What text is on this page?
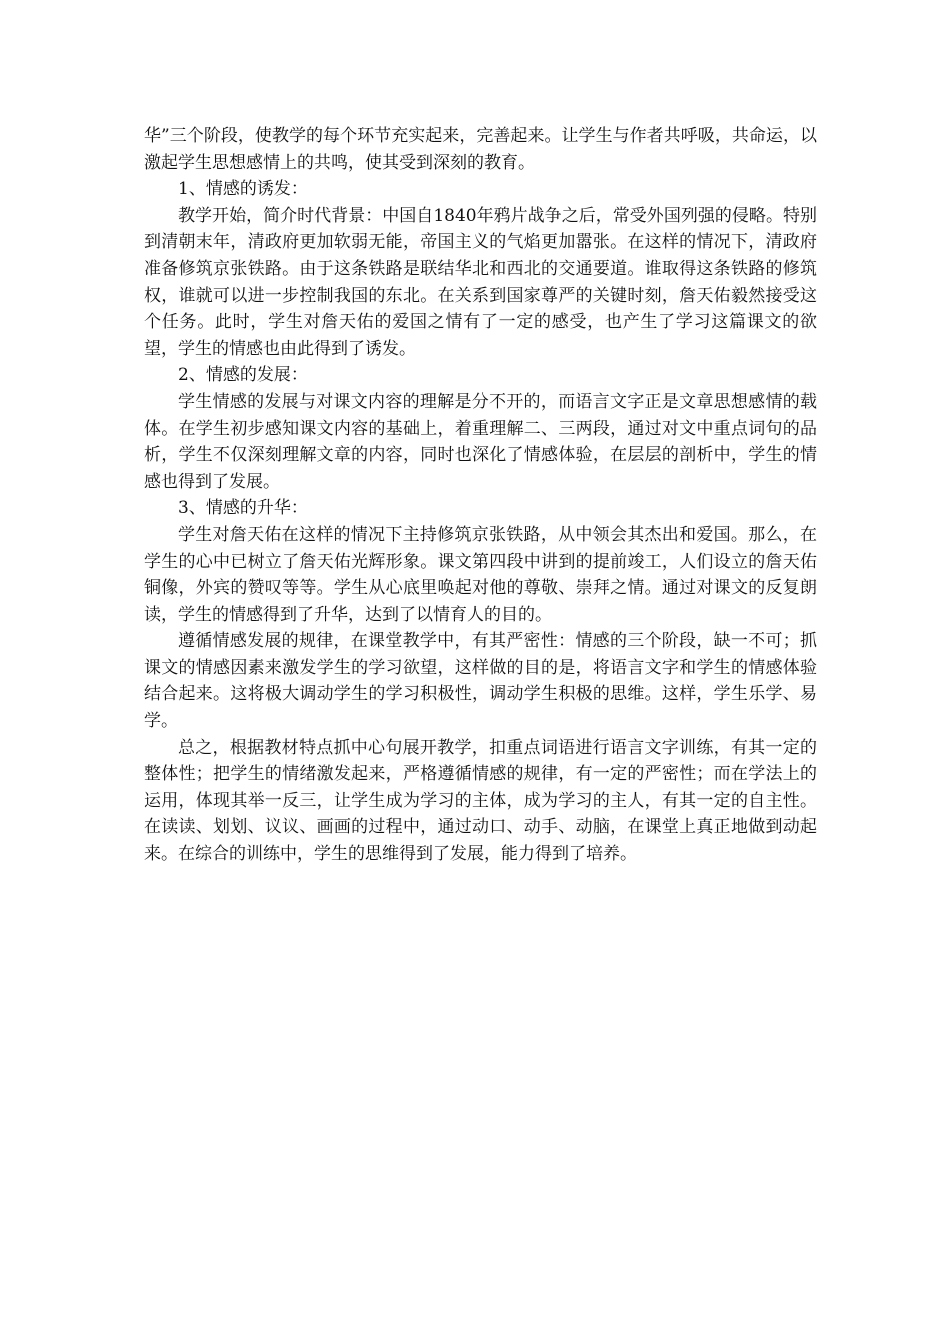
华”三个阶段，使教学的每个环节充实起来，完善起来。让学生与作者共呼吸，共命运，以激起学生思想感情上的共鸣，使其受到深刻的教育。

1、情感的诱发：

教学开始，简介时代背景：中国自1840年鸦片战争之后，常受外国列强的侵略。特别到清朝末年，清政府更加软弱无能，帝国主义的气焰更加嚣张。在这样的情况下，清政府准备修筑京张铁路。由于这条铁路是联结华北和西北的交通要道。谁取得这条铁路的修筑权，谁就可以进一步控制我国的东北。在关系到国家尊严的关键时刻，詹天佑毅然接受这个任务。此时，学生对詹天佑的爱国之情有了一定的感受，也产生了学习这篇课文的欲望，学生的情感也由此得到了诱发。

2、情感的发展：

学生情感的发展与对课文内容的理解是分不开的，而语言文字正是文章思想感情的载体。在学生初步感知课文内容的基础上，着重理解二、三两段，通过对文中重点词句的品析，学生不仅深刻理解文章的内容，同时也深化了情感体验，在层层的剖析中，学生的情感也得到了发展。

3、情感的升华：

学生对詹天佑在这样的情况下主持修筑京张铁路，从中领会其杰出和爱国。那么，在学生的心中已树立了詹天佑光辉形象。课文第四段中讲到的提前竣工，人们设立的詹天佑铜像，外宾的赞叹等等。学生从心底里唤起对他的尊敬、崇拜之情。通过对课文的反复朗读，学生的情感得到了升华，达到了以情育人的目的。

遵循情感发展的规律，在课堂教学中，有其严密性：情感的三个阶段，缺一不可；抓课文的情感因素来激发学生的学习欲望，这样做的目的是，将语言文字和学生的情感体验结合起来。这将极大调动学生的学习积极性，调动学生积极的思维。这样，学生乐学、易学。

总之，根据教材特点抓中心句展开教学，扣重点词语进行语言文字训练，有其一定的整体性；把学生的情绪激发起来，严格遵循情感的规律，有一定的严密性；而在学法上的运用，体现其举一反三，让学生成为学习的主体，成为学习的主人，有其一定的自主性。在读读、划划、议议、画画的过程中，通过动口、动手、动脑，在课堂上真正地做到动起来。在综合的训练中，学生的思维得到了发展，能力得到了培养。
